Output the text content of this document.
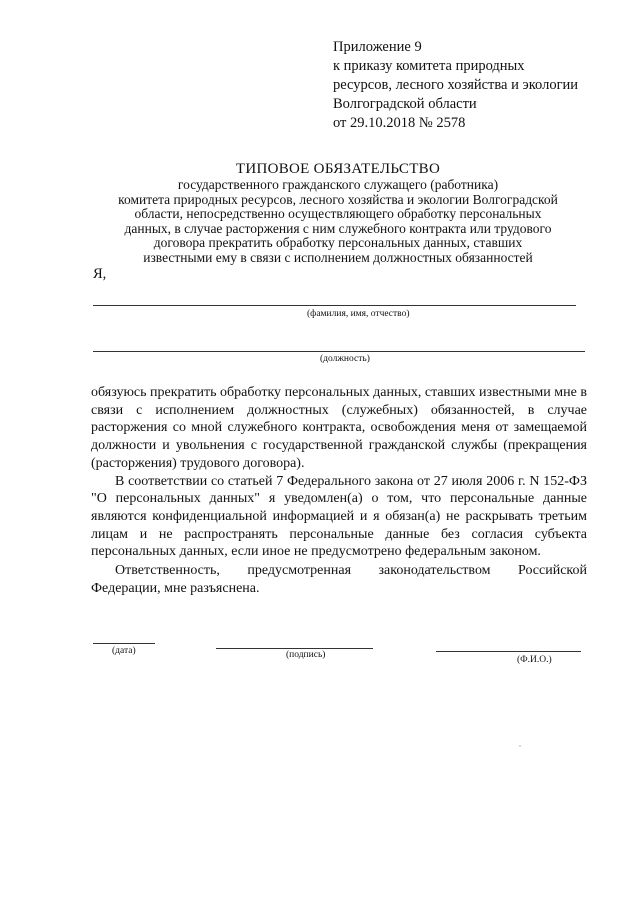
Приложение 9
к приказу комитета природных
ресурсов, лесного хозяйства и экологии
Волгоградской области
от 29.10.2018 № 2578
ТИПОВОЕ ОБЯЗАТЕЛЬСТВО
государственного гражданского служащего (работника)
комитета природных ресурсов, лесного хозяйства и экологии Волгоградской
области, непосредственно осуществляющего обработку персональных
данных, в случае расторжения с ним служебного контракта или трудового
договора прекратить обработку персональных данных, ставших
известными ему в связи с исполнением должностных обязанностей
Я,
(фамилия, имя, отчество)
(должность)

обязуюсь прекратить обработку персональных данных, ставших известными мне в связи с исполнением должностных (служебных) обязанностей, в случае расторжения со мной служебного контракта, освобождения меня от замещаемой должности и увольнения с государственной гражданской службы (прекращения (расторжения) трудового договора).

В соответствии со статьей 7 Федерального закона от 27 июля 2006 г. N 152-ФЗ "О персональных данных" я уведомлен(а) о том, что персональные данные являются конфиденциальной информацией и я обязан(а) не раскрывать третьим лицам и не распространять персональные данные без согласия субъекта персональных данных, если иное не предусмотрено федеральным законом.

Ответственность, предусмотренная законодательством Российской Федерации, мне разъяснена.

(дата)	(подпись)	(Ф.И.О.)
